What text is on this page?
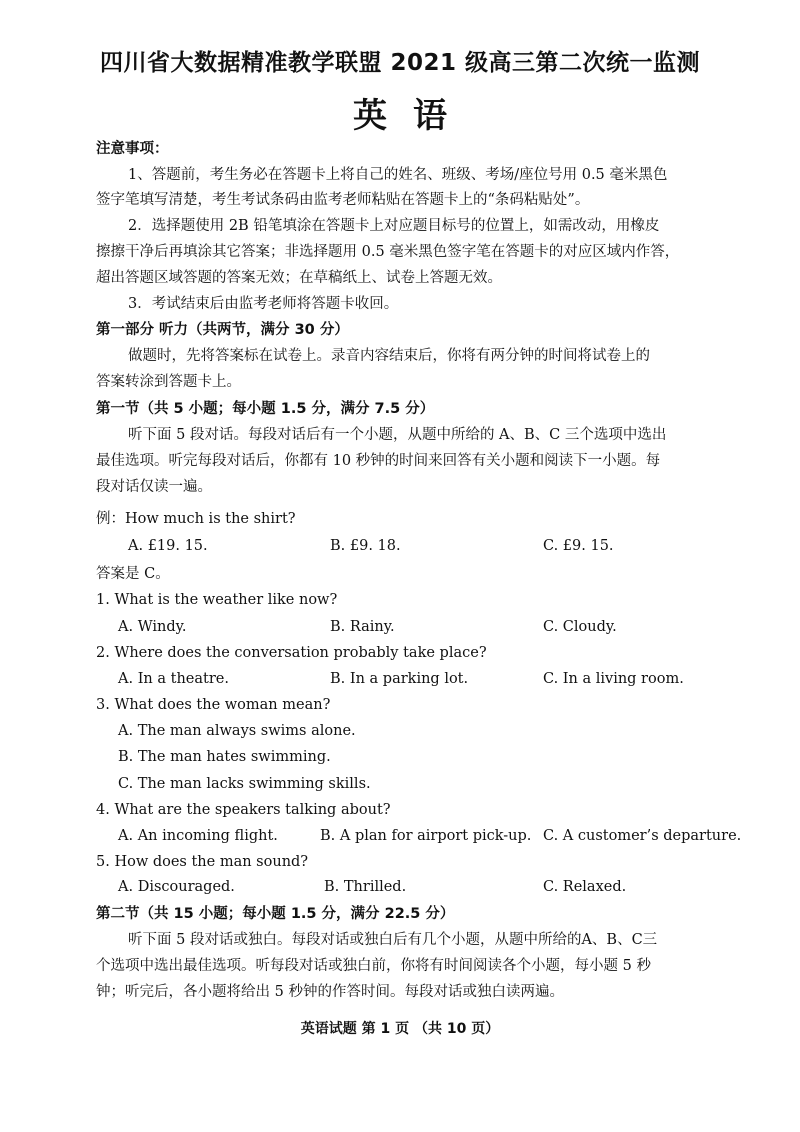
四川省大数据精准教学联盟 2021 级高三第二次统一监测
英语
注意事项：
1、答题前，考生务必在答题卡上将自己的姓名、班级、考场/座位号用 0.5 毫米黑色
签字笔填写清楚，考生考试条码由监考老师粘贴在答题卡上的“条码粘贴处”。
2．选择题使用 2B 铅笔填涂在答题卡上对应题目标号的位置上，如需改动，用橡皮
擦擦干净后再填涂其它答案；非选择题用 0.5 毫米黑色签字笔在答题卡的对应区域内作答，
超出答题区域答题的答案无效；在草稿纸上、试卷上答题无效。
3．考试结束后由监考老师将答题卡收回。
第一部分 听力（共两节，满分 30 分）
做题时，先将答案标在试卷上。录音内容结束后，你将有两分钟的时间将试卷上的
答案转涂到答题卡上。
第一节（共 5 小题；每小题 1.5 分，满分 7.5 分）
听下面 5 段对话。每段对话后有一个小题，从题中所给的 A、B、C 三个选项中选出
最佳选项。听完每段对话后，你都有 10 秒钟的时间来回答有关小题和阅读下一小题。每
段对话仅读一遍。
例：How much is the shirt?
A. £19. 15.	B. £9. 18.	C. £9. 15.
答案是 C。
1. What is the weather like now?
A. Windy.	B. Rainy.	C. Cloudy.
2. Where does the conversation probably take place?
A. In a theatre.	B. In a parking lot.	C. In a living room.
3. What does the woman mean?
A. The man always swims alone.
B. The man hates swimming.
C. The man lacks swimming skills.
4. What are the speakers talking about?
A. An incoming flight.	B. A plan for airport pick-up. C. A customer’s departure.
5. How does the man sound?
A. Discouraged.	B. Thrilled.	C. Relaxed.
第二节（共 15 小题；每小题 1.5 分，满分 22.5 分）
听下面 5 段对话或独白。每段对话或独白后有几个小题，从题中所给的A、B、C三
个选项中选出最佳选项。听每段对话或独白前，你将有时间阅读各个小题，每小题 5 秒
钟；听完后，各小题将给出 5 秒钟的作答时间。每段对话或独白读两遍。
英语试题 第 1 页 （共 10 页）
